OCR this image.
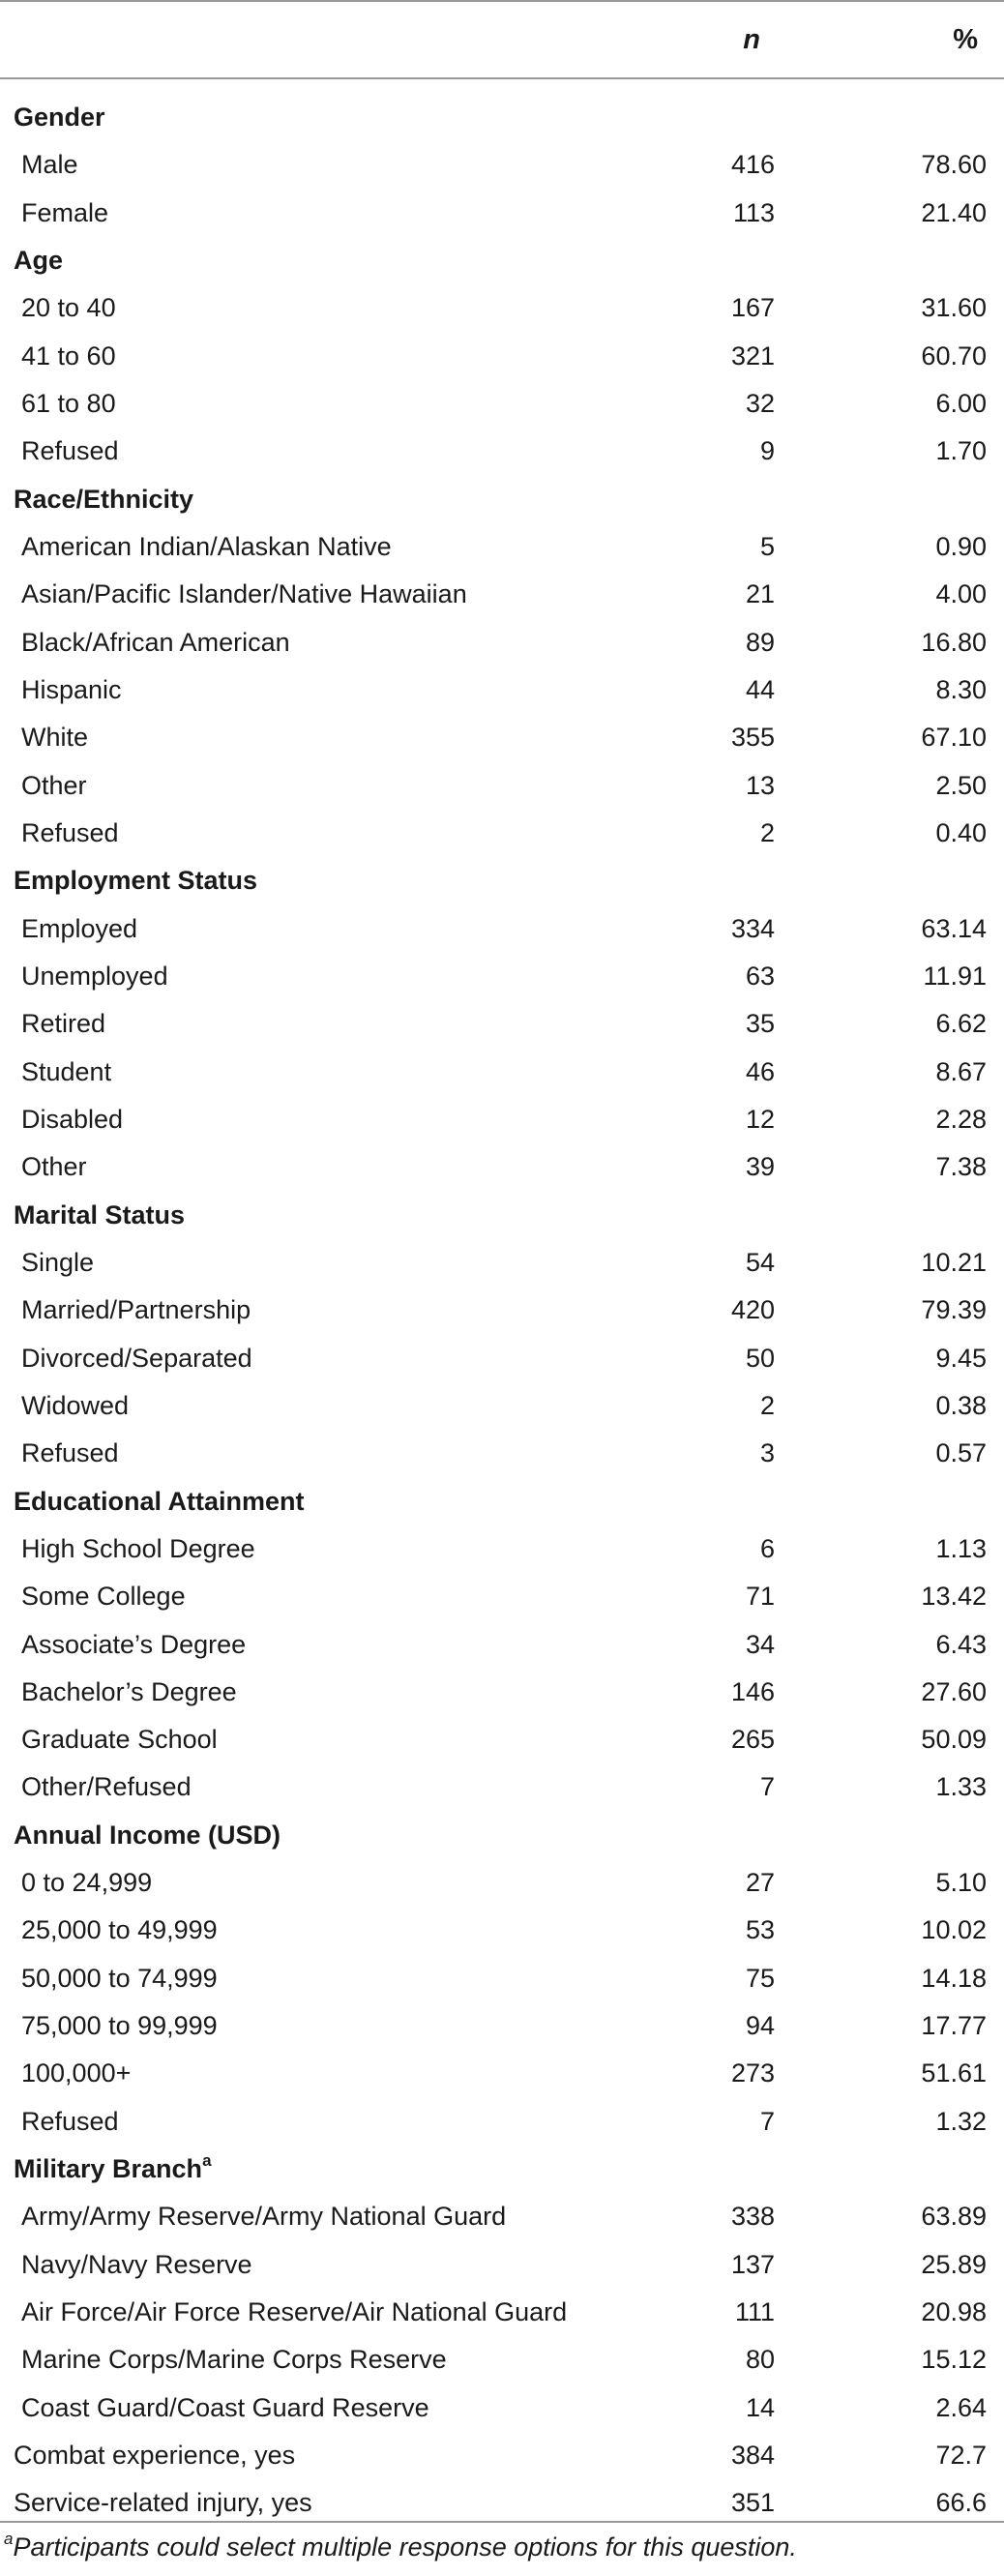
n	%
Gender
Male	416	78.60
Female	113	21.40
Age
20 to 40	167	31.60
41 to 60	321	60.70
61 to 80	32	6.00
Refused	9	1.70
Race/Ethnicity
American Indian/Alaskan Native	5	0.90
Asian/Pacific Islander/Native Hawaiian	21	4.00
Black/African American	89	16.80
Hispanic	44	8.30
White	355	67.10
Other	13	2.50
Refused	2	0.40
Employment Status
Employed	334	63.14
Unemployed	63	11.91
Retired	35	6.62
Student	46	8.67
Disabled	12	2.28
Other	39	7.38
Marital Status
Single	54	10.21
Married/Partnership	420	79.39
Divorced/Separated	50	9.45
Widowed	2	0.38
Refused	3	0.57
Educational Attainment
High School Degree	6	1.13
Some College	71	13.42
Associate’s Degree	34	6.43
Bachelor’s Degree	146	27.60
Graduate School	265	50.09
Other/Refused	7	1.33
Annual Income (USD)
0 to 24,999	27	5.10
25,000 to 49,999	53	10.02
50,000 to 74,999	75	14.18
75,000 to 99,999	94	17.77
100,000+	273	51.61
Refused	7	1.32
Military Branch$^a$
Army/Army Reserve/Army National Guard	338	63.89
Navy/Navy Reserve	137	25.89
Air Force/Air Force Reserve/Air National Guard	111	20.98
Marine Corps/Marine Corps Reserve	80	15.12
Coast Guard/Coast Guard Reserve	14	2.64
Combat experience, yes	384	72.7
Service-related injury, yes	351	66.6
$^a$Participants could select multiple response options for this question.
